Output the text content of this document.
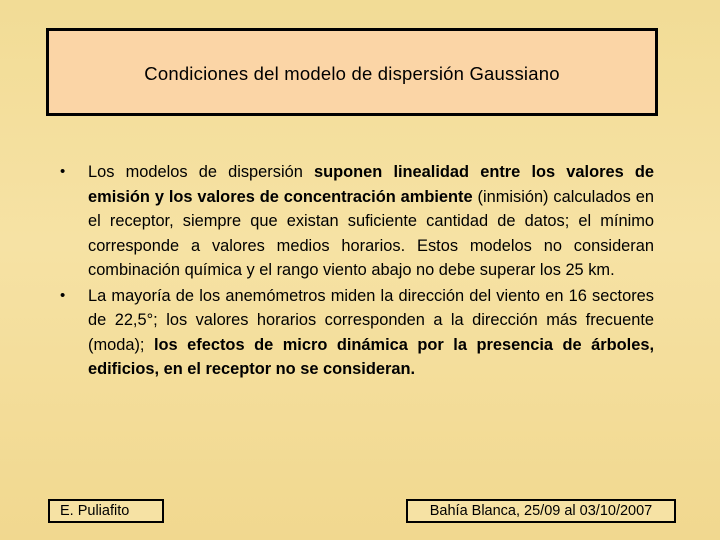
Condiciones del modelo de dispersión Gaussiano
•	Los modelos de dispersión suponen linealidad entre los valores de emisión y los valores de concentración ambiente (inmisión) calculados en el receptor, siempre que existan suficiente cantidad de datos; el mínimo corresponde a valores medios horarios. Estos modelos no consideran combinación química y el rango viento abajo no debe superar los 25 km.
•	La mayoría de los anemómetros miden la dirección del viento en 16 sectores de 22,5°; los valores horarios corresponden a la dirección más frecuente (moda); los efectos de micro dinámica por la presencia de árboles, edificios, en el receptor no se consideran.
E. Puliafito	Bahía Blanca, 25/09 al 03/10/2007
